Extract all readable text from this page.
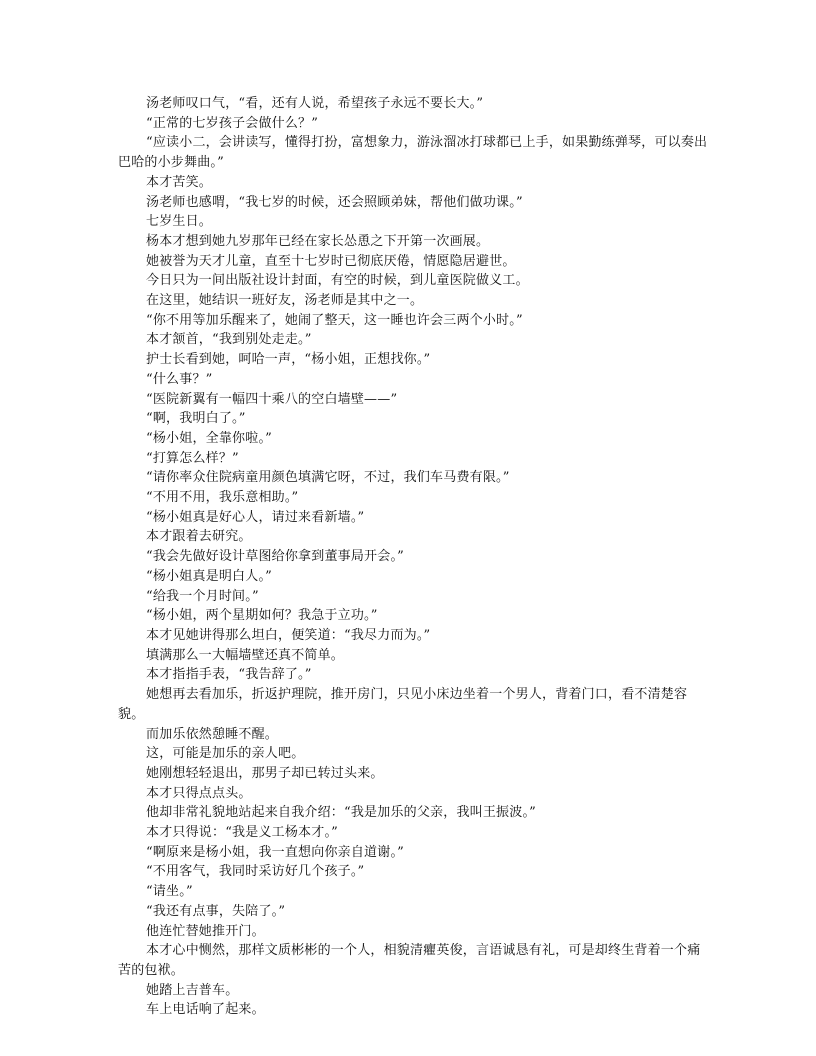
汤老师叹口气，“看，还有人说，希望孩子永远不要长大。”

“正常的七岁孩子会做什么？”

“应读小二，会讲读写，懂得打扮，富想象力，游泳溜冰打球都已上手，如果勤练弹琴，可以奏出巴哈的小步舞曲。”

本才苦笑。

汤老师也感喟，“我七岁的时候，还会照顾弟妹，帮他们做功课。”

七岁生日。

杨本才想到她九岁那年已经在家长怂恿之下开第一次画展。

她被誉为天才儿童，直至十七岁时已彻底厌倦，情愿隐居避世。

今日只为一间出版社设计封面，有空的时候，到儿童医院做义工。

在这里，她结识一班好友，汤老师是其中之一。

“你不用等加乐醒来了，她闹了整天，这一睡也许会三两个小时。”

本才颔首，“我到别处走走。”

护士长看到她，呵哈一声，“杨小姐，正想找你。”

“什么事？”

“医院新翼有一幅四十乘八的空白墙壁——”

“啊，我明白了。”

“杨小姐，全靠你啦。”

“打算怎么样？”

“请你率众住院病童用颜色填满它呀，不过，我们车马费有限。”

“不用不用，我乐意相助。”

“杨小姐真是好心人，请过来看新墙。”

本才跟着去研究。

“我会先做好设计草图给你拿到董事局开会。”

“杨小姐真是明白人。”

“给我一个月时间。”

“杨小姐，两个星期如何？我急于立功。”

本才见她讲得那么坦白，便笑道：“我尽力而为。”

填满那么一大幅墙壁还真不简单。

本才指指手表，“我告辞了。”

她想再去看加乐，折返护理院，推开房门，只见小床边坐着一个男人，背着门口，看不清楚容貌。

而加乐依然憩睡不醒。

这，可能是加乐的亲人吧。

她刚想轻轻退出，那男子却已转过头来。

本才只得点点头。

他却非常礼貌地站起来自我介绍：“我是加乐的父亲，我叫王振波。”

本才只得说：“我是义工杨本才。”

“啊原来是杨小姐，我一直想向你亲自道谢。”

“不用客气，我同时采访好几个孩子。”

“请坐。”

“我还有点事，失陪了。”

他连忙替她推开门。

本才心中恻然，那样文质彬彬的一个人，相貌清癯英俊，言语诚恳有礼，可是却终生背着一个痛苦的包袱。

她踏上吉普车。

车上电话响了起来。
